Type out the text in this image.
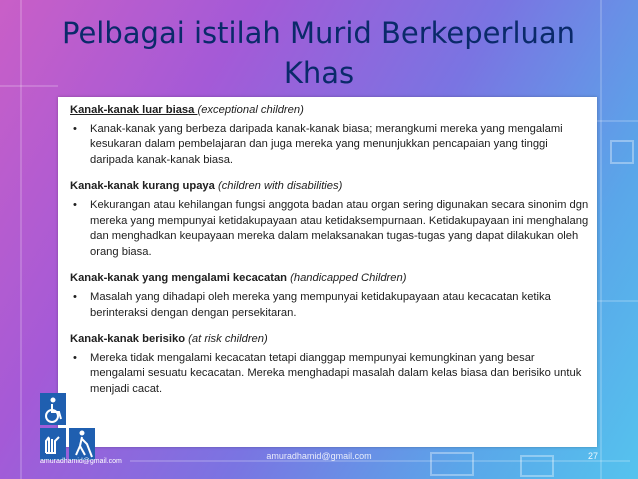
Pelbagai istilah Murid Berkeperluan
Khas
Kanak-kanak luar biasa (exceptional children)
• Kanak-kanak yang berbeza daripada kanak-kanak biasa; merangkumi mereka yang mengalami kesukaran dalam pembelajaran dan juga mereka yang menunjukkan pencapaian yang tinggi daripada kanak-kanak biasa.
Kanak-kanak kurang upaya (children with disabilities)
• Kekurangan atau kehilangan fungsi anggota badan atau organ sering digunakan secara sinonim dgn mereka yang mempunyai ketidakupayaan atau ketidaksempurnaan. Ketidakupayaan ini menghalang dan menghadkan keupayaan mereka dalam melaksanakan tugas-tugas yang dapat dilakukan oleh orang biasa.
Kanak-kanak yang mengalami kecacatan (handicapped Children)
• Masalah yang dihadapi oleh mereka yang mempunyai ketidakupayaan atau kecacatan ketika berinteraksi dengan dengan persekitaran.
Kanak-kanak berisiko (at risk children)
• Mereka tidak mengalami kecacatan tetapi dianggap mempunyai kemungkinan yang besar mengalami sesuatu kecacatan. Mereka menghadapi masalah dalam kelas biasa dan berisiko untuk menjadi cacat.
amuradhamid@gmail.com
amuradhamid@gmail.com	27
